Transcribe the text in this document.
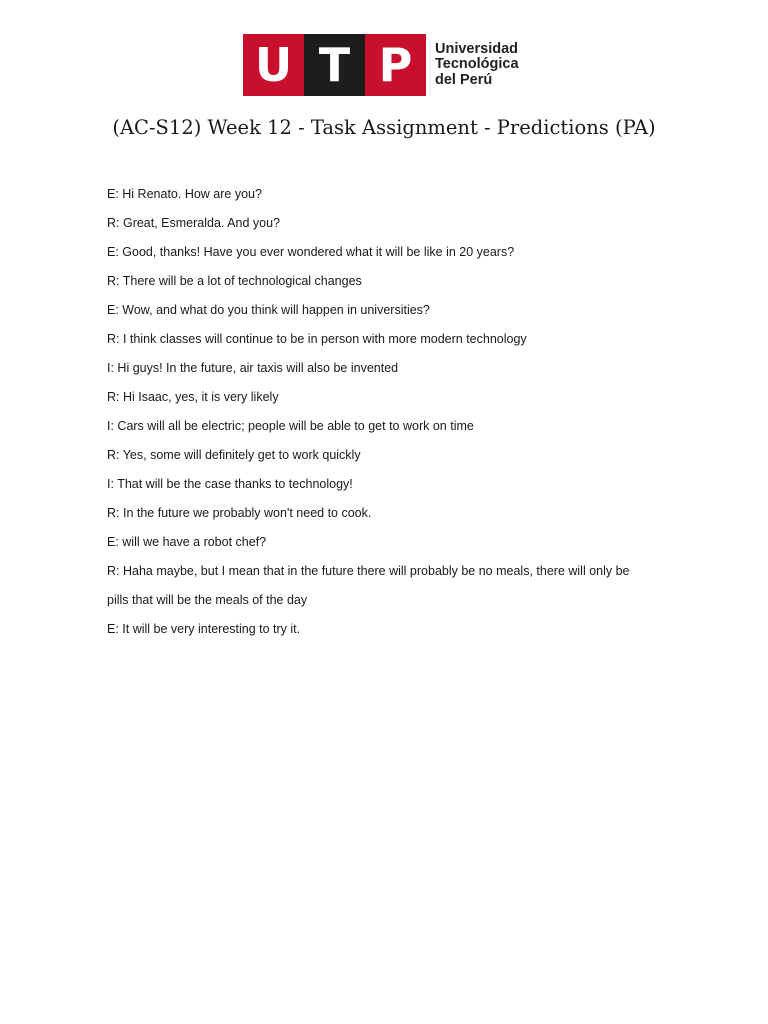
U T P	Universidad
Tecnológica
del Perú
(AC-S12) Week 12 - Task Assignment - Predictions (PA)
E: Hi Renato. How are you?
R: Great, Esmeralda. And you?
E: Good, thanks! Have you ever wondered what it will be like in 20 years?
R: There will be a lot of technological changes
E: Wow, and what do you think will happen in universities?
R: I think classes will continue to be in person with more modern technology
I: Hi guys! In the future, air taxis will also be invented
R: Hi Isaac, yes, it is very likely
I: Cars will all be electric; people will be able to get to work on time
R: Yes, some will definitely get to work quickly
I: That will be the case thanks to technology!
R: In the future we probably won't need to cook.
E: will we have a robot chef?
R: Haha maybe, but I mean that in the future there will probably be no meals, there will only be
pills that will be the meals of the day
E: It will be very interesting to try it.
